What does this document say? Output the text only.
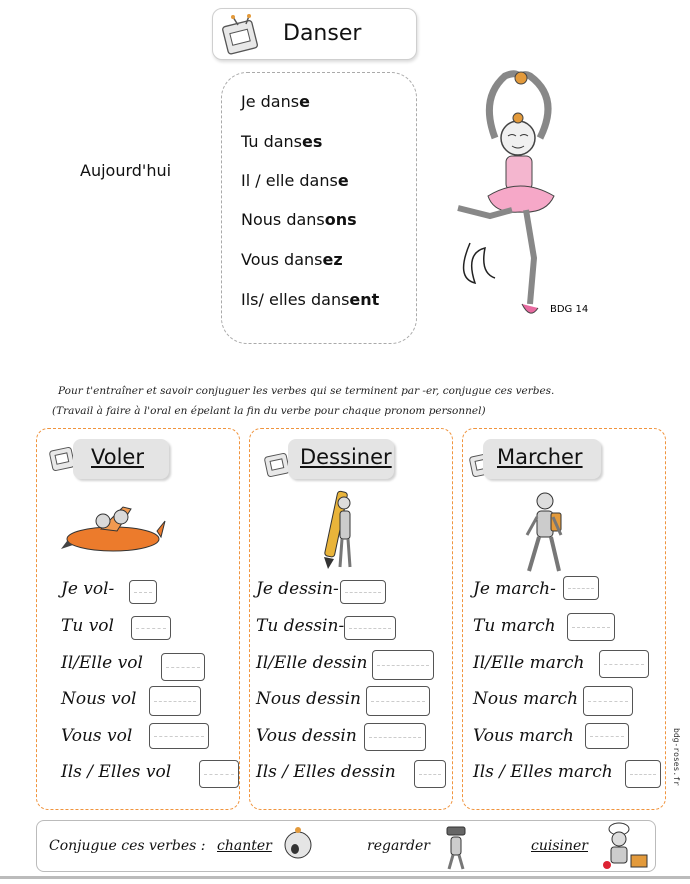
Danser
Aujourd'hui
Je danse
Tu danses
Il / elle danse
Nous dansons
Vous dansez
Ils/ elles dansent
BDG 14
Pour t'entraîner et savoir conjuguer les verbes qui se terminent par -er, conjugue ces verbes.
(Travail à faire à l'oral en épelant la fin du verbe pour chaque pronom personnel)
Voler
Je vol-
Tu vol
Il/Elle vol
Nous vol
Vous vol
Ils / Elles vol
Dessiner
Je dessin-
Tu dessin-
Il/Elle dessin
Nous dessin
Vous dessin
Ils / Elles dessin
Marcher
Je march-
Tu march
Il/Elle march
Nous march
Vous march
Ils / Elles march	bdg-roses.fr
Conjugue ces verbes : chanter	regarder	cuisiner
